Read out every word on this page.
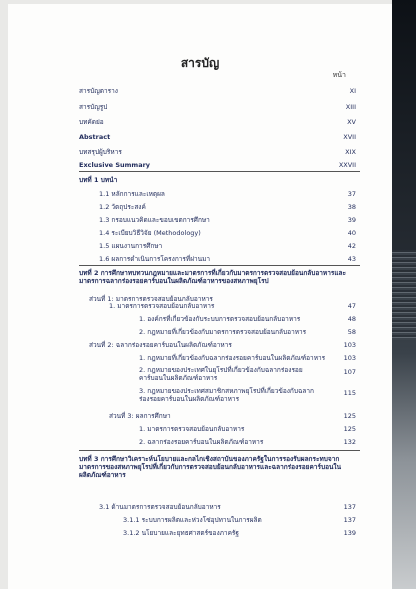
สารบัญ
หน้า
สารบัญตาราง	XI
สารบัญรูป	XIII
บทคัดย่อ	XV
Abstract	XVII
บทสรุปผู้บริหาร	XIX
Exclusive Summary	XXVII
บทที่ 1 บทนำ
1.1 หลักการและเหตุผล	37
1.2 วัตถุประสงค์	38
1.3 กรอบแนวคิดและขอบเขตการศึกษา	39
1.4 ระเบียบวิธีวิจัย (Methodology)	40
1.5 แผนงานการศึกษา	42
1.6 ผลการดำเนินการโครงการที่ผ่านมา	43
บทที่ 2 การศึกษาทบทวนกฎหมายและมาตรการที่เกี่ยวกับมาตรการตรวจสอบย้อนกลับอาหารและมาตรการฉลากร่องรอยคาร์บอนในผลิตภัณฑ์อาหารของสหภาพยุโรป
ส่วนที่ 1: มาตรการตรวจสอบย้อนกลับอาหาร
1. มาตรการตรวจสอบย้อนกลับอาหาร	47
1. องค์กรที่เกี่ยวข้องกับระบบการตรวจสอบย้อนกลับอาหาร	48
2. กฎหมายที่เกี่ยวข้องกับมาตรการตรวจสอบย้อนกลับอาหาร	58
ส่วนที่ 2: ฉลากร่องรอยคาร์บอนในผลิตภัณฑ์อาหาร	103
1. กฎหมายที่เกี่ยวข้องกับฉลากร่องรอยคาร์บอนในผลิตภัณฑ์อาหาร	103
2. กฎหมายของประเทศในยุโรปที่เกี่ยวข้องกับฉลากร่องรอยคาร์บอนในผลิตภัณฑ์อาหาร
107
3. กฎหมายของประเทศสมาชิกสหภาพยุโรปที่เกี่ยวข้องกับฉลากร่องรอยคาร์บอนในผลิตภัณฑ์อาหาร
115
ส่วนที่ 3: ผลการศึกษา	125
1. มาตรการตรวจสอบย้อนกลับอาหาร	125
2. ฉลากร่องรอยคาร์บอนในผลิตภัณฑ์อาหาร	132
บทที่ 3 การศึกษาวิเคราะห์นโยบายและกลไกเชิงสถาบันของภาครัฐในการรองรับผลกระทบจากมาตรการของสหภาพยุโรปที่เกี่ยวกับการตรวจสอบย้อนกลับอาหารและฉลากร่องรอยคาร์บอนในผลิตภัณฑ์อาหาร
3.1 ด้านมาตรการตรวจสอบย้อนกลับอาหาร	137
3.1.1 ระบบการผลิตและห่วงโซ่อุปทานในการผลิต	137
3.1.2 นโยบายและยุทธศาสตร์ของภาครัฐ	139
